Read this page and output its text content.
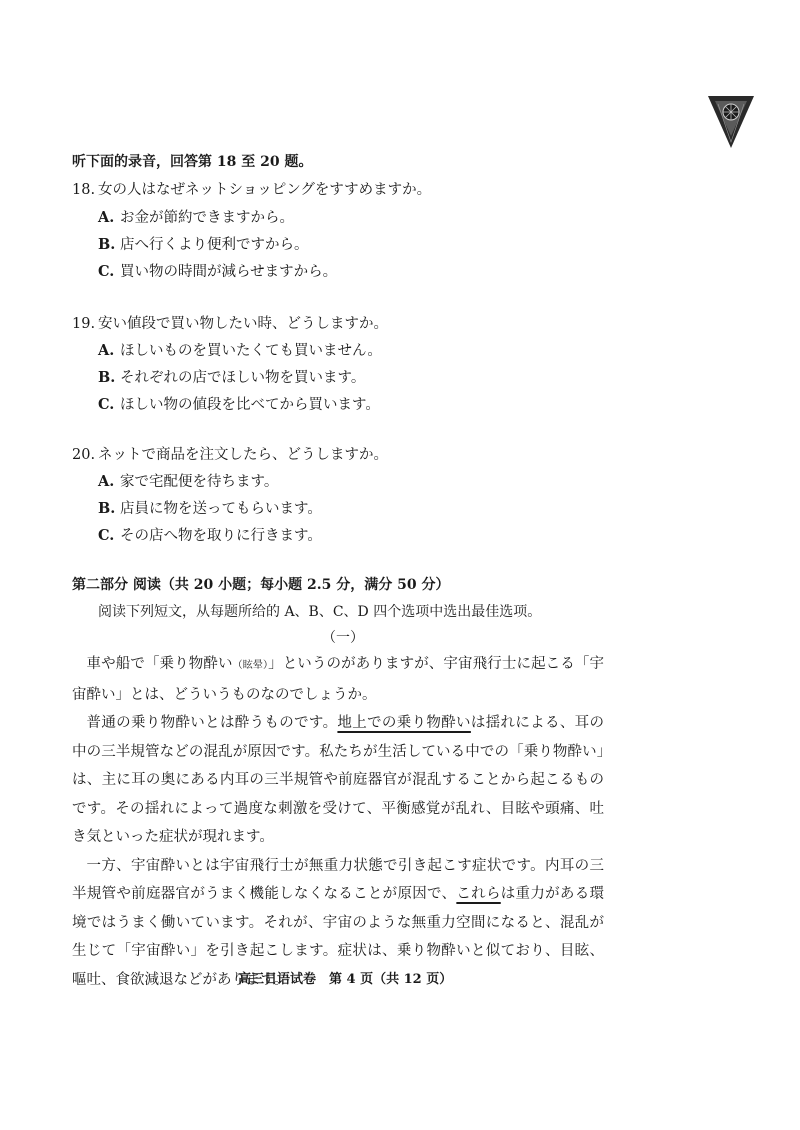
听下面的录音，回答第 18 至 20 题。
18. 女の人はなぜネットショッピングをすすめますか。
A. お金が節約できますから。
B. 店へ行くより便利ですから。
C. 買い物の時間が減らせますから。
19. 安い値段で買い物したい時、どうしますか。
A. ほしいものを買いたくても買いません。
B. それぞれの店でほしい物を買います。
C. ほしい物の値段を比べてから買います。
20. ネットで商品を注文したら、どうしますか。
A. 家で宅配便を待ちます。
B. 店員に物を送ってもらいます。
C. その店へ物を取りに行きます。
第二部分 阅读（共 20 小题；每小题 2.5 分，满分 50 分）
阅读下列短文，从每题所给的 A、B、C、D 四个选项中选出最佳选项。
（一）

車や船で「乗り物酔い（眩晕）」というのがありますが、宇宙飛行士に起こる「宇宙酔い」とは、どういうものなのでしょうか。

普通の乗り物酔いとは酔うものです。地上での乗り物酔いは揺れによる、耳の中の三半規管などの混乱が原因です。私たちが生活している中での「乗り物酔い」は、主に耳の奥にある内耳の三半規管や前庭器官が混乱することから起こるものです。その揺れによって過度な刺激を受けて、平衡感覚が乱れ、目眩や頭痛、吐き気といった症状が現れます。

一方、宇宙酔いとは宇宙飛行士が無重力状態で引き起こす症状です。内耳の三半規管や前庭器官がうまく機能しなくなることが原因で、これらは重力がある環境ではうまく働いています。それが、宇宙のような無重力空間になると、混乱が生じて「宇宙酔い」を引き起こします。症状は、乗り物酔いと似ており、目眩、嘔吐、食欲減退などがあります。

高三日语试卷　第 4 页（共 12 页）
